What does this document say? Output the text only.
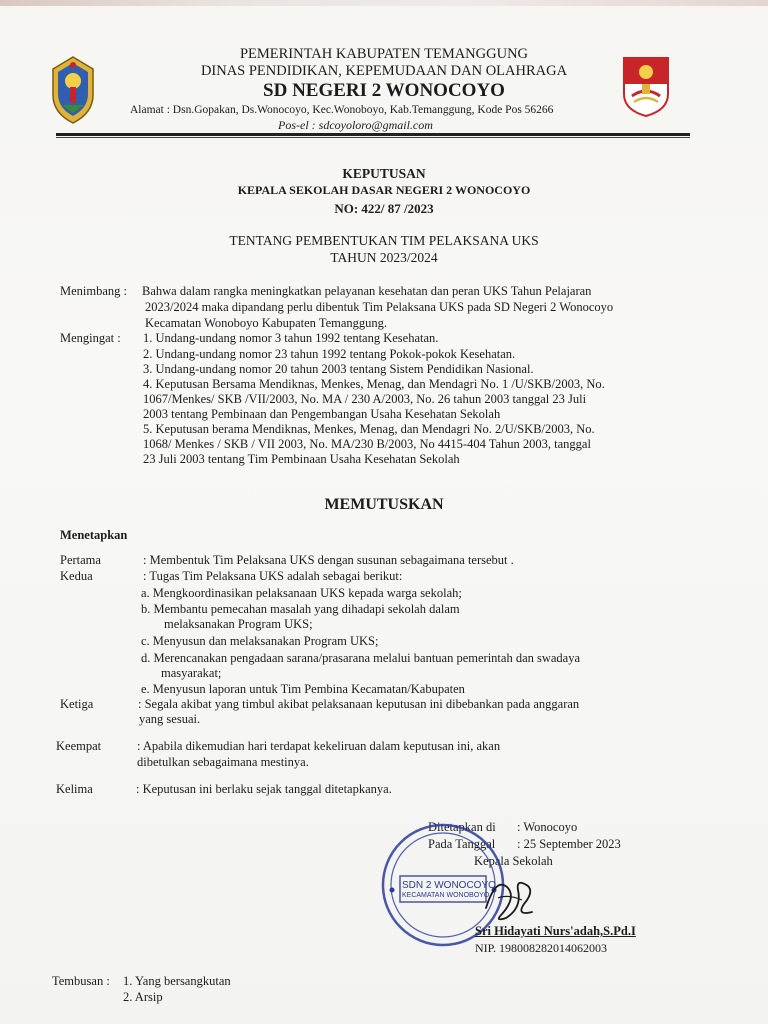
PEMERINTAH KABUPATEN TEMANGGUNG
DINAS PENDIDIKAN, KEPEMUDAAN DAN OLAHRAGA
SD NEGERI 2 WONOCOYO
Alamat : Dsn.Gopakan, Ds.Wonocoyo, Kec.Wonoboyo, Kab.Temanggung, Kode Pos 56266
Pos-el : sdcoyoloro@gmail.com
KEPUTUSAN
KEPALA SEKOLAH DASAR NEGERI 2 WONOCOYO
NO: 422/ 87 /2023
TENTANG PEMBENTUKAN TIM PELAKSANA UKS
TAHUN 2023/2024
Menimbang : Bahwa dalam rangka meningkatkan pelayanan kesehatan dan peran UKS Tahun Pelajaran
2023/2024 maka dipandang perlu dibentuk Tim Pelaksana UKS pada SD Negeri 2 Wonocoyo
Kecamatan Wonoboyo Kabupaten Temanggung.
Mengingat : 1. Undang-undang nomor 3 tahun 1992 tentang Kesehatan.
2. Undang-undang nomor 23 tahun 1992 tentang Pokok-pokok Kesehatan.
3. Undang-undang nomor 20 tahun 2003 tentang Sistem Pendidikan Nasional.
4. Keputusan Bersama Mendiknas, Menkes, Menag, dan Mendagri No. 1 /U/SKB/2003, No.
1067/Menkes/ SKB /VII/2003, No. MA / 230 A/2003, No. 26 tahun 2003 tanggal 23 Juli
2003 tentang Pembinaan dan Pengembangan Usaha Kesehatan Sekolah
5. Keputusan berama Mendiknas, Menkes, Menag, dan Mendagri No. 2/U/SKB/2003, No.
1068/ Menkes / SKB / VII 2003, No. MA/230 B/2003, No 4415-404 Tahun 2003, tanggal
23 Juli 2003 tentang Tim Pembinaan Usaha Kesehatan Sekolah
MEMUTUSKAN
Menetapkan
Pertama	: Membentuk Tim Pelaksana UKS dengan susunan sebagaimana tersebut .
Kedua	: Tugas Tim Pelaksana UKS adalah sebagai berikut:
a. Mengkoordinasikan pelaksanaan UKS kepada warga sekolah;
b. Membantu pemecahan masalah yang dihadapi sekolah dalam
melaksanakan Program UKS;
c. Menyusun dan melaksanakan Program UKS;
d. Merencanakan pengadaan sarana/prasarana melalui bantuan pemerintah dan swadaya
masyarakat;
e. Menyusun laporan untuk Tim Pembina Kecamatan/Kabupaten
Ketiga	: Segala akibat yang timbul akibat pelaksanaan keputusan ini dibebankan pada anggaran
yang sesuai.
Keempat	: Apabila dikemudian hari terdapat kekeliruan dalam keputusan ini, akan
dibetulkan sebagaimana mestinya.
Kelima	: Keputusan ini berlaku sejak tanggal ditetapkanya.
Ditetapkan di : Wonocoyo
Pada Tanggal : 25 September 2023
Kepala Sekolah
SDN 2 WONOCOYO
KECAMATAN WONOBOYO
Sri Hidayati Nurs'adah,S.Pd.I
NIP. 198008282014062003
Tembusan : 1. Yang bersangkutan
2. Arsip
